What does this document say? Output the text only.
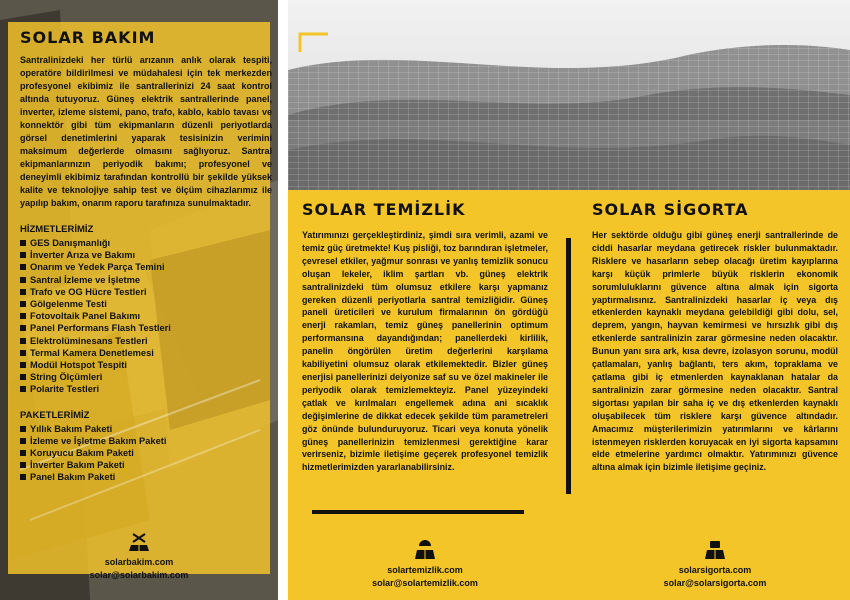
SOLAR BAKIM
Santralinizdeki her türlü arızanın anlık olarak tespiti, operatöre bildirilmesi ve müdahalesi için tek merkezden profesyonel ekibimiz ile santrallerinizi 24 saat kontrol altında tutuyoruz. Güneş elektrik santrallerinde panel, inverter, izleme sistemi, pano, trafo, kablo, kablo tavası ve konnektör gibi tüm ekipmanların düzenli periyotlarda görsel denetimlerini yaparak tesisinizin verimini maksimum değerlerde olmasını sağlıyoruz. Santral ekipmanlarınızın periyodik bakımı; profesyonel ve deneyimli ekibimiz tarafından kontrollü bir şekilde yüksek kalite ve teknolojiye sahip test ve ölçüm cihazlarımız ile yapılıp bakım, onarım raporu tarafınıza sunulmaktadır.
HİZMETLERİMİZ
GES Danışmanlığı
İnverter Arıza ve Bakımı
Onarım ve Yedek Parça Temini
Santral İzleme ve İşletme
Trafo ve OG Hücre Testleri
Gölgelenme Testi
Fotovoltaik Panel Bakımı
Panel Performans Flash Testleri
Elektrolüminesans Testleri
Termal Kamera Denetlemesi
Modül Hotspot Tespiti
String Ölçümleri
Polarite Testleri
PAKETLERİMİZ
Yıllık Bakım Paketi
İzleme ve İşletme Bakım Paketi
Koruyucu Bakım Paketi
İnverter Bakım Paketi
Panel Bakım Paketi
solarbakim.com
solar@solarbakim.com
SOLAR TEMİZLİK
Yatırımınızı gerçekleştirdiniz, şimdi sıra verimli, azami ve temiz güç üretmekte! Kuş pisliği, toz barındıran işletmeler, çevresel etkiler, yağmur sonrası ve yanlış temizlik sonucu oluşan lekeler, iklim şartları vb. güneş elektrik santralinizdeki tüm olumsuz etkilere karşı yapmanız gereken düzenli periyotlarla santral temizliğidir. Güneş paneli üreticileri ve kurulum firmalarının ön gördüğü enerji rakamları, temiz güneş panellerinin optimum performansına dayandığından; panellerdeki kirlilik, panelin öngörülen üretim değerlerini karşılama kabiliyetini olumsuz olarak etkilemektedir. Bizler güneş enerjisi panellerinizi deiyonize saf su ve özel makineler ile periyodik olarak temizlemekteyiz. Panel yüzeyindeki çatlak ve kırılmaları engellemek adına ani sıcaklık değişimlerine de dikkat edecek şekilde tüm parametreleri göz önünde bulunduruyoruz. Ticari veya konuta yönelik güneş panellerinizin temizlenmesi gerektiğine karar verirseniz, bizimle iletişime geçerek profesyonel temizlik hizmetlerimizden yararlanabilirsiniz.
solartemizlik.com
solar@solartemizlik.com
SOLAR SİGORTA
Her sektörde olduğu gibi güneş enerji santrallerinde de ciddi hasarlar meydana getirecek riskler bulunmaktadır. Risklere ve hasarların sebep olacağı üretim kayıplarına karşı küçük primlerle büyük risklerin ekonomik sorumluluklarını güvence altına almak için sigorta yaptırmalısınız. Santralinizdeki hasarlar iç veya dış etkenlerden kaynaklı meydana gelebildiği gibi dolu, sel, deprem, yangın, hayvan kemirmesi ve hırsızlık gibi dış etkenlerde santralinizin zarar görmesine neden olacaktır. Bunun yanı sıra ark, kısa devre, izolasyon sorunu, modül çatlamaları, yanlış bağlantı, ters akım, topraklama ve çatlama gibi iç etmenlerden kaynaklanan hatalar da santralinizin zarar görmesine neden olacaktır. Santral sigortası yapılan bir saha iç ve dış etkenlerden kaynaklı oluşabilecek tüm risklere karşı güvence altındadır. Amacımız müşterilerimizin yatırımlarını ve kârlarını istenmeyen risklerden koruyacak en iyi sigorta kapsamını elde etmelerine yardımcı olmaktır. Yatırımınızı güvence altına almak için bizimle iletişime geçiniz.
solarsigorta.com
solar@solarsigorta.com
